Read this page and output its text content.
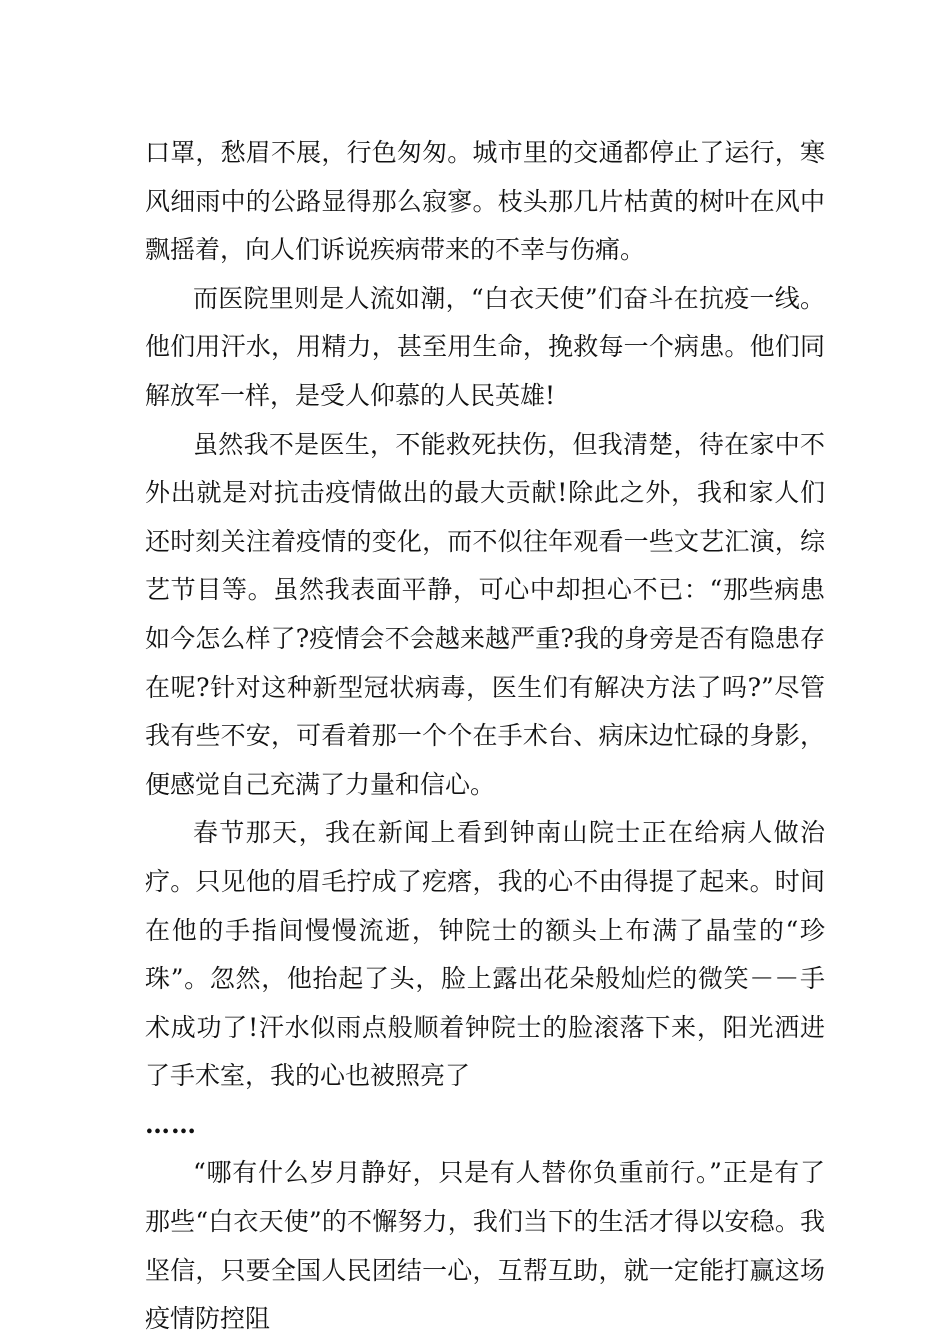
口罩，愁眉不展，行色匆匆。城市里的交通都停止了运行，寒风细雨中的公路显得那么寂寥。枝头那几片枯黄的树叶在风中飘摇着，向人们诉说疾病带来的不幸与伤痛。

而医院里则是人流如潮，“白衣天使”们奋斗在抗疫一线。他们用汗水，用精力，甚至用生命，挽救每一个病患。他们同解放军一样，是受人仰慕的人民英雄!

虽然我不是医生，不能救死扶伤，但我清楚，待在家中不外出就是对抗击疫情做出的最大贡献!除此之外，我和家人们还时刻关注着疫情的变化，而不似往年观看一些文艺汇演，综艺节目等。虽然我表面平静，可心中却担心不已：“那些病患如今怎么样了?疫情会不会越来越严重?我的身旁是否有隐患存在呢?针对这种新型冠状病毒，医生们有解决方法了吗?”尽管我有些不安，可看着那一个个在手术台、病床边忙碌的身影，便感觉自己充满了力量和信心。

春节那天，我在新闻上看到钟南山院士正在给病人做治疗。只见他的眉毛拧成了疙瘩，我的心不由得提了起来。时间在他的手指间慢慢流逝，钟院士的额头上布满了晶莹的“珍珠”。忽然，他抬起了头，脸上露出花朵般灿烂的微笑－－手术成功了!汗水似雨点般顺着钟院士的脸滚落下来，阳光洒进了手术室，我的心也被照亮了

……

“哪有什么岁月静好，只是有人替你负重前行。”正是有了那些“白衣天使”的不懈努力，我们当下的生活才得以安稳。我坚信，只要全国人民团结一心，互帮互助，就一定能打赢这场疫情防控阻
